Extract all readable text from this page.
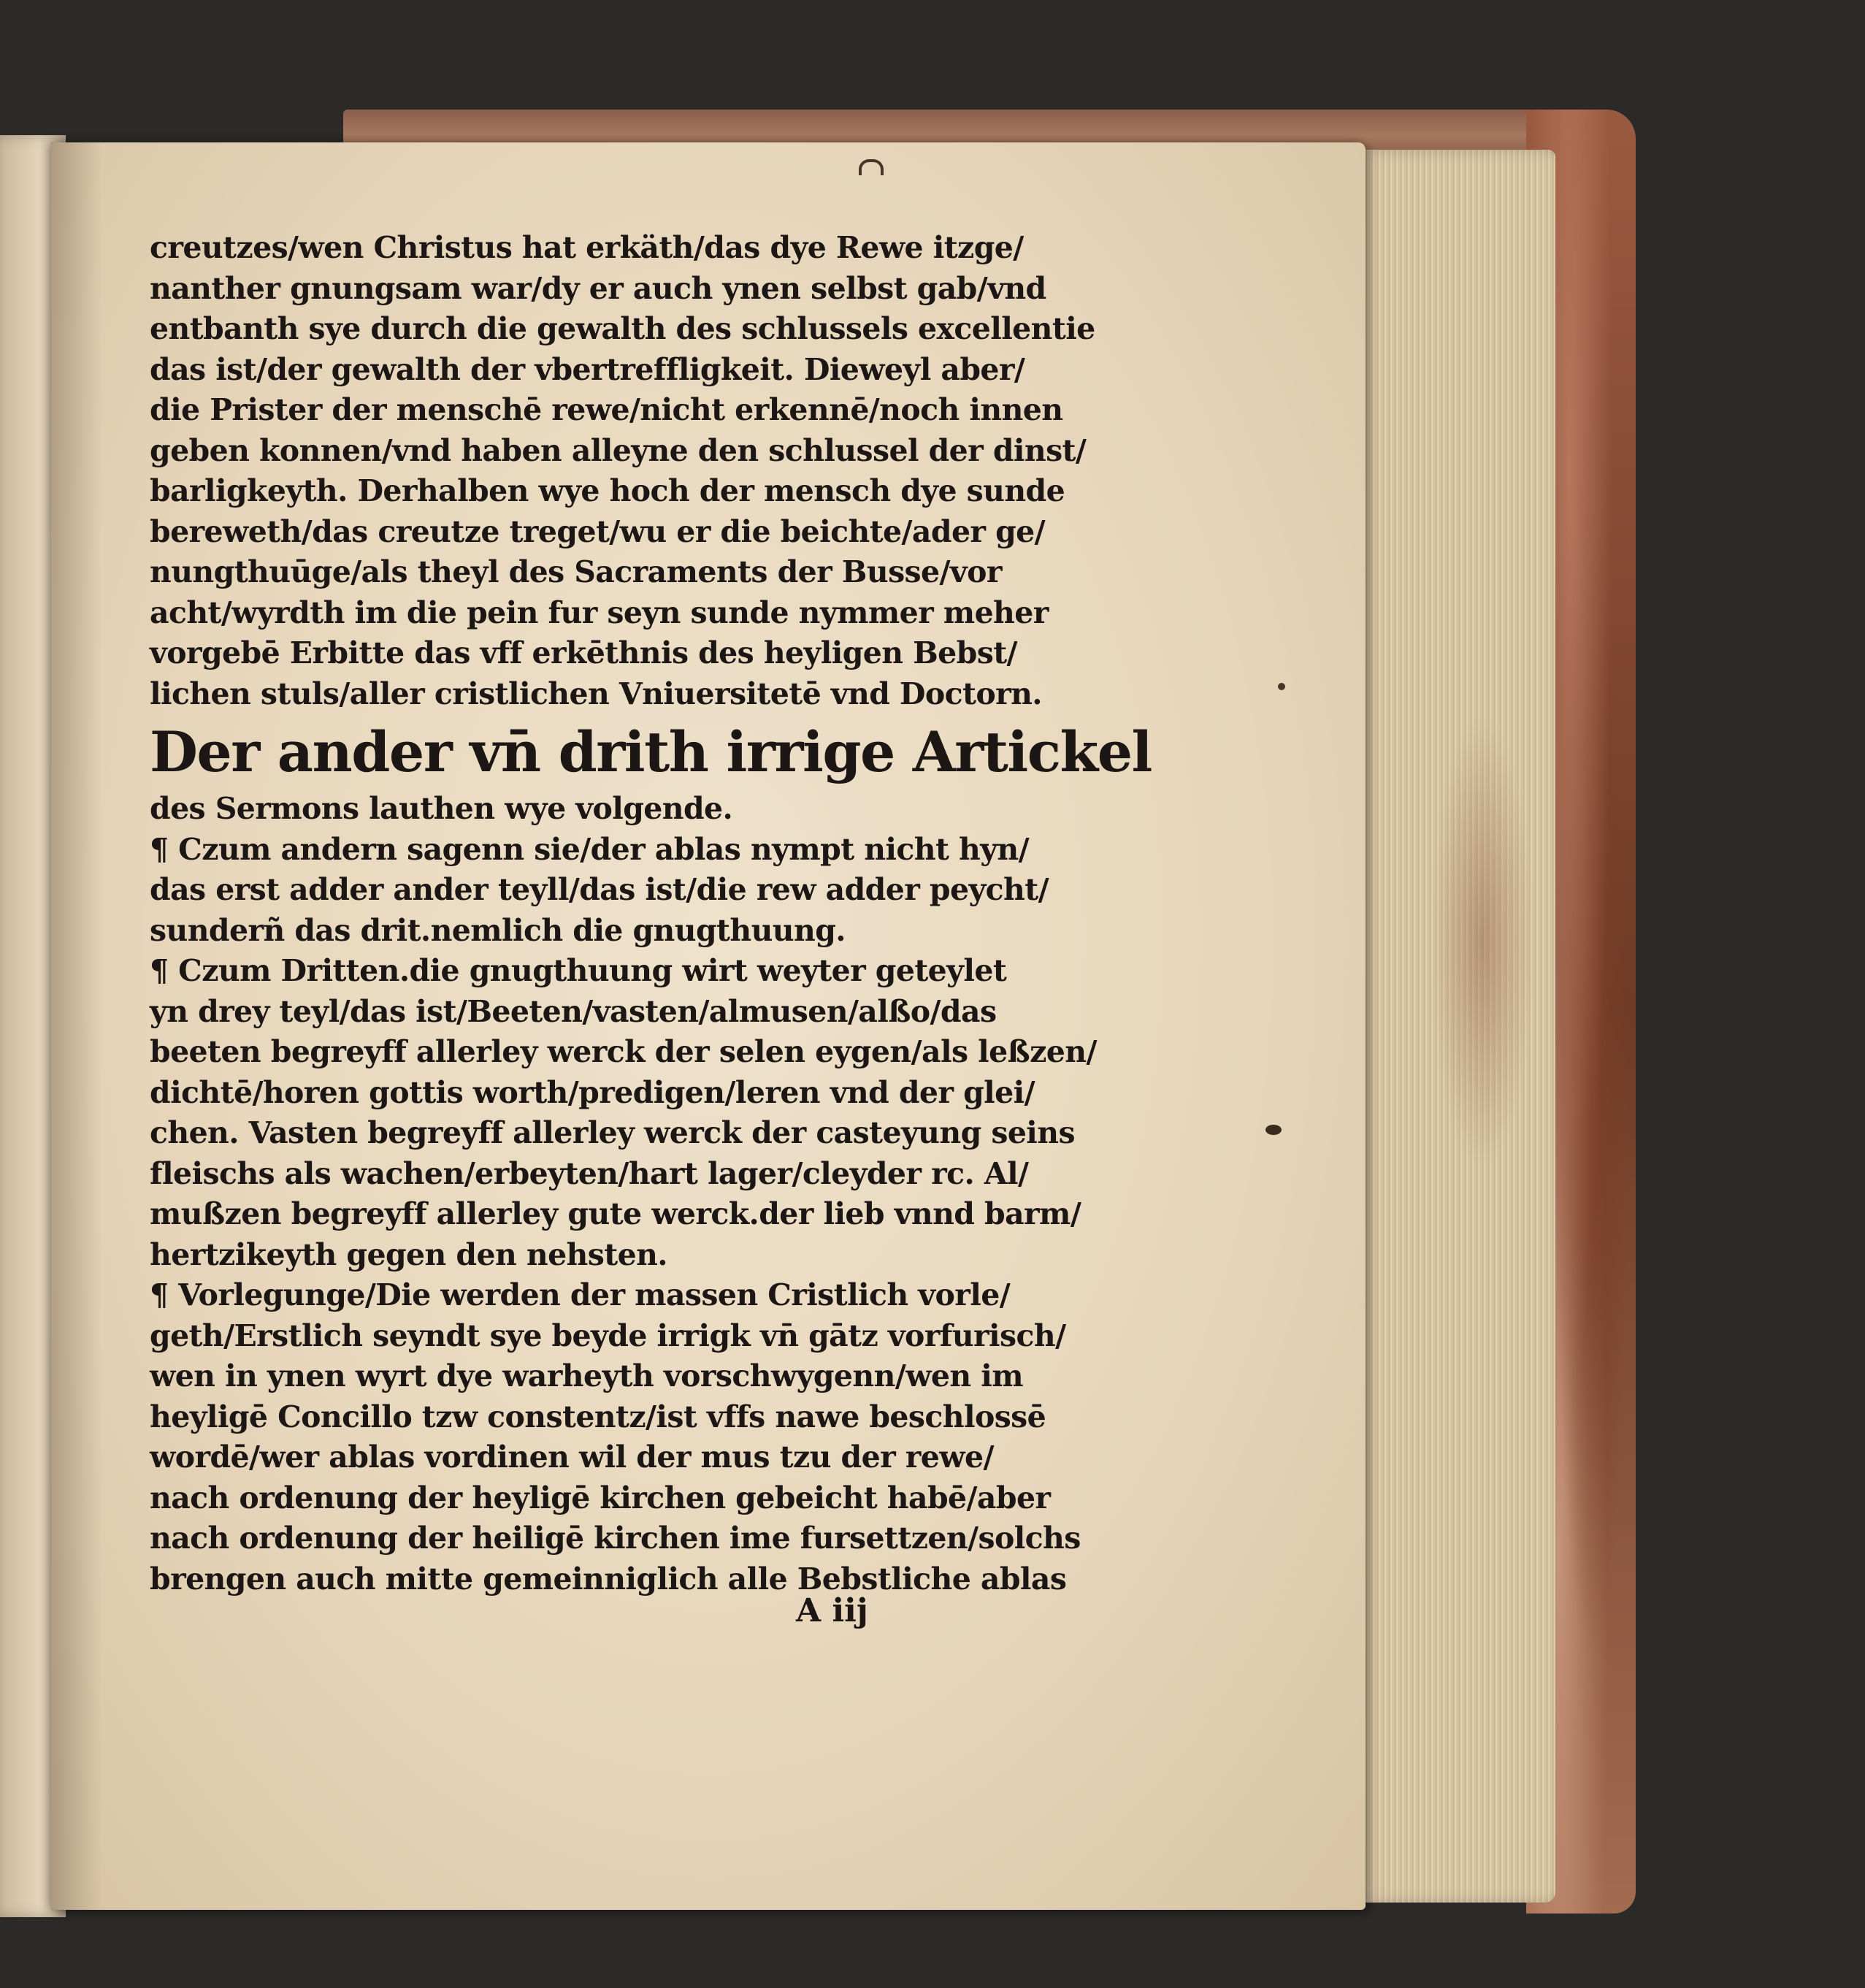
creutzes/wen Christus hat erkäth/das dye Rewe itzge/
nanther gnungsam war/dy er auch ynen selbst gab/vnd
entbanth sye durch die gewalth des schlussels excellentie
das ist/der gewalth der vbertreffligkeit. Dieweyl aber/
die Prister der menschē rewe/nicht erkennē/noch innen
geben konnen/vnd haben alleyne den schlussel der dinst/
barligkeyth. Derhalben wye hoch der mensch dye sunde
bereweth/das creutze treget/wu er die beichte/ader ge/
nungthuūge/als theyl des Sacraments der Busse/vor
acht/wyrdth im die pein fur seyn sunde nymmer meher
vorgebē Erbitte das vff erkēthnis des heyligen Bebst/
lichen stuls/aller cristlichen Vniuersitetē vnd Doctorn.
Der ander vn̄ drith irrige Artickel
des Sermons lauthen wye volgende.
¶ Czum andern sagenn sie/der ablas nympt nicht hyn/
das erst adder ander teyll/das ist/die rew adder peycht/
sunderñ das drit.nemlich die gnugthuung.
¶ Czum Dritten.die gnugthuung wirt weyter geteylet
yn drey teyl/das ist/Beeten/vasten/almusen/alßo/das
beeten begreyff allerley werck der selen eygen/als leßzen/
dichtē/horen gottis worth/predigen/leren vnd der glei/
chen. Vasten begreyff allerley werck der casteyung seins
fleischs als wachen/erbeyten/hart lager/cleyder rc. Al/
mußzen begreyff allerley gute werck.der lieb vnnd barm/
hertzikeyth gegen den nehsten.
¶ Vorlegunge/Die werden der massen Cristlich vorle/
geth/Erstlich seyndt sye beyde irrigk vn̄ gātz vorfurisch/
wen in ynen wyrt dye warheyth vorschwygenn/wen im
heyligē Concillo tzw constentz/ist vffs nawe beschlossē
wordē/wer ablas vordinen wil der mus tzu der rewe/
nach ordenung der heyligē kirchen gebeicht habē/aber
nach ordenung der heiligē kirchen ime fursettzen/solchs
brengen auch mitte gemeinniglich alle Bebstliche ablas
A iij
